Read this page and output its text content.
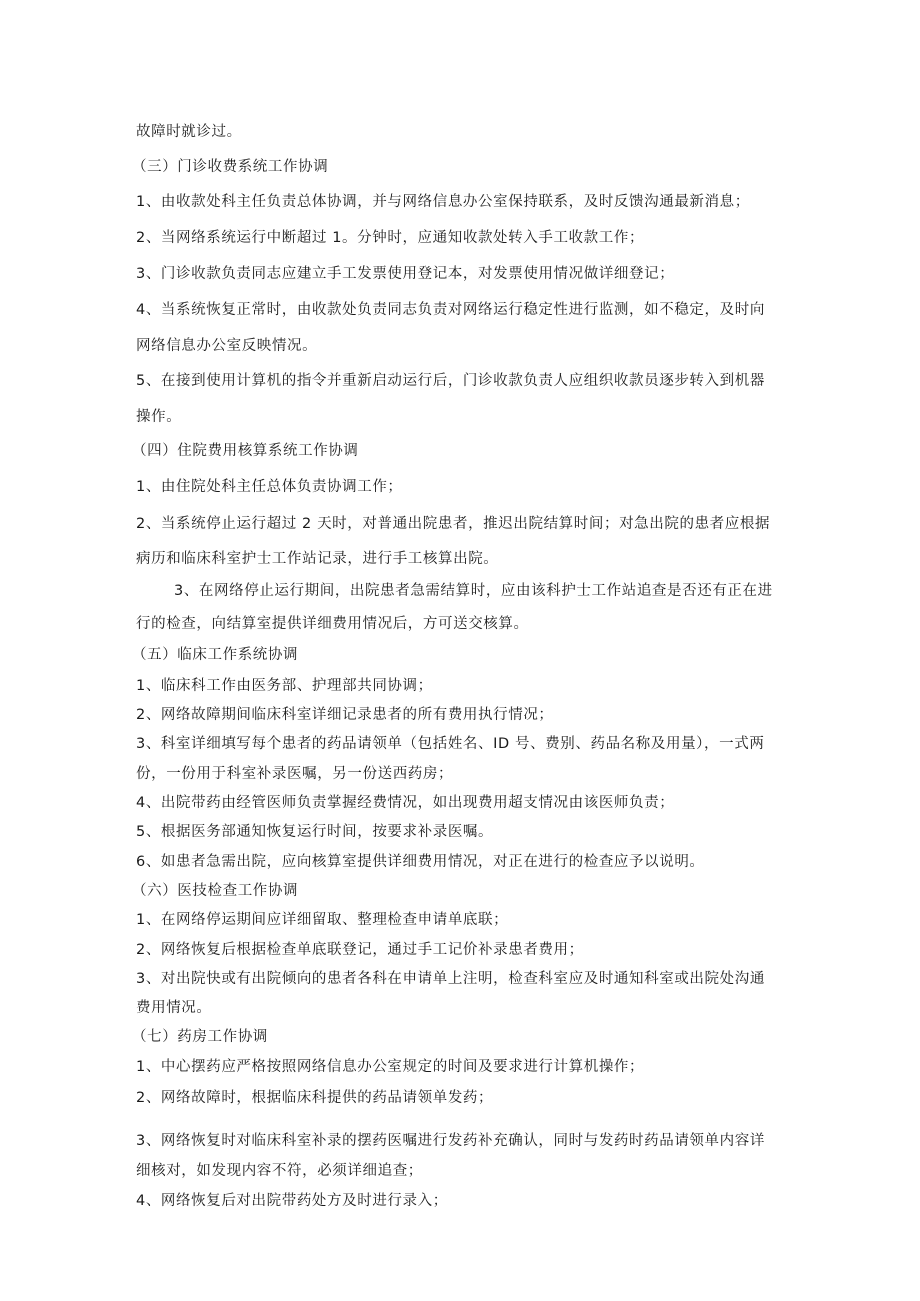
故障时就诊过。
（三）门诊收费系统工作协调
1、由收款处科主任负责总体协调，并与网络信息办公室保持联系，及时反馈沟通最新消息；
2、当网络系统运行中断超过 1。分钟时，应通知收款处转入手工收款工作；
3、门诊收款负责同志应建立手工发票使用登记本，对发票使用情况做详细登记；
4、当系统恢复正常时，由收款处负责同志负责对网络运行稳定性进行监测，如不稳定，及时向
网络信息办公室反映情况。
5、在接到使用计算机的指令并重新启动运行后，门诊收款负责人应组织收款员逐步转入到机器
操作。
（四）住院费用核算系统工作协调
1、由住院处科主任总体负责协调工作；
2、当系统停止运行超过 2 天时，对普通出院患者，推迟出院结算时间；对急出院的患者应根据
病历和临床科室护士工作站记录，进行手工核算出院。
3、在网络停止运行期间，出院患者急需结算时，应由该科护士工作站追查是否还有正在进
行的检查，向结算室提供详细费用情况后，方可送交核算。
（五）临床工作系统协调
1、临床科工作由医务部、护理部共同协调；
2、网络故障期间临床科室详细记录患者的所有费用执行情况；
3、科室详细填写每个患者的药品请领单（包括姓名、ID 号、费别、药品名称及用量），一式两
份，一份用于科室补录医嘱，另一份送西药房；
4、出院带药由经管医师负责掌握经费情况，如出现费用超支情况由该医师负责；
5、根据医务部通知恢复运行时间，按要求补录医嘱。
6、如患者急需出院，应向核算室提供详细费用情况，对正在进行的检查应予以说明。
（六）医技检查工作协调
1、在网络停运期间应详细留取、整理检查申请单底联；
2、网络恢复后根据检查单底联登记，通过手工记价补录患者费用；
3、对出院快或有出院倾向的患者各科在申请单上注明，检查科室应及时通知科室或出院处沟通
费用情况。
（七）药房工作协调
1、中心摆药应严格按照网络信息办公室规定的时间及要求进行计算机操作；
2、网络故障时，根据临床科提供的药品请领单发药；
3、网络恢复时对临床科室补录的摆药医嘱进行发药补充确认，同时与发药时药品请领单内容详
细核对，如发现内容不符，必须详细追查；
4、网络恢复后对出院带药处方及时进行录入；
